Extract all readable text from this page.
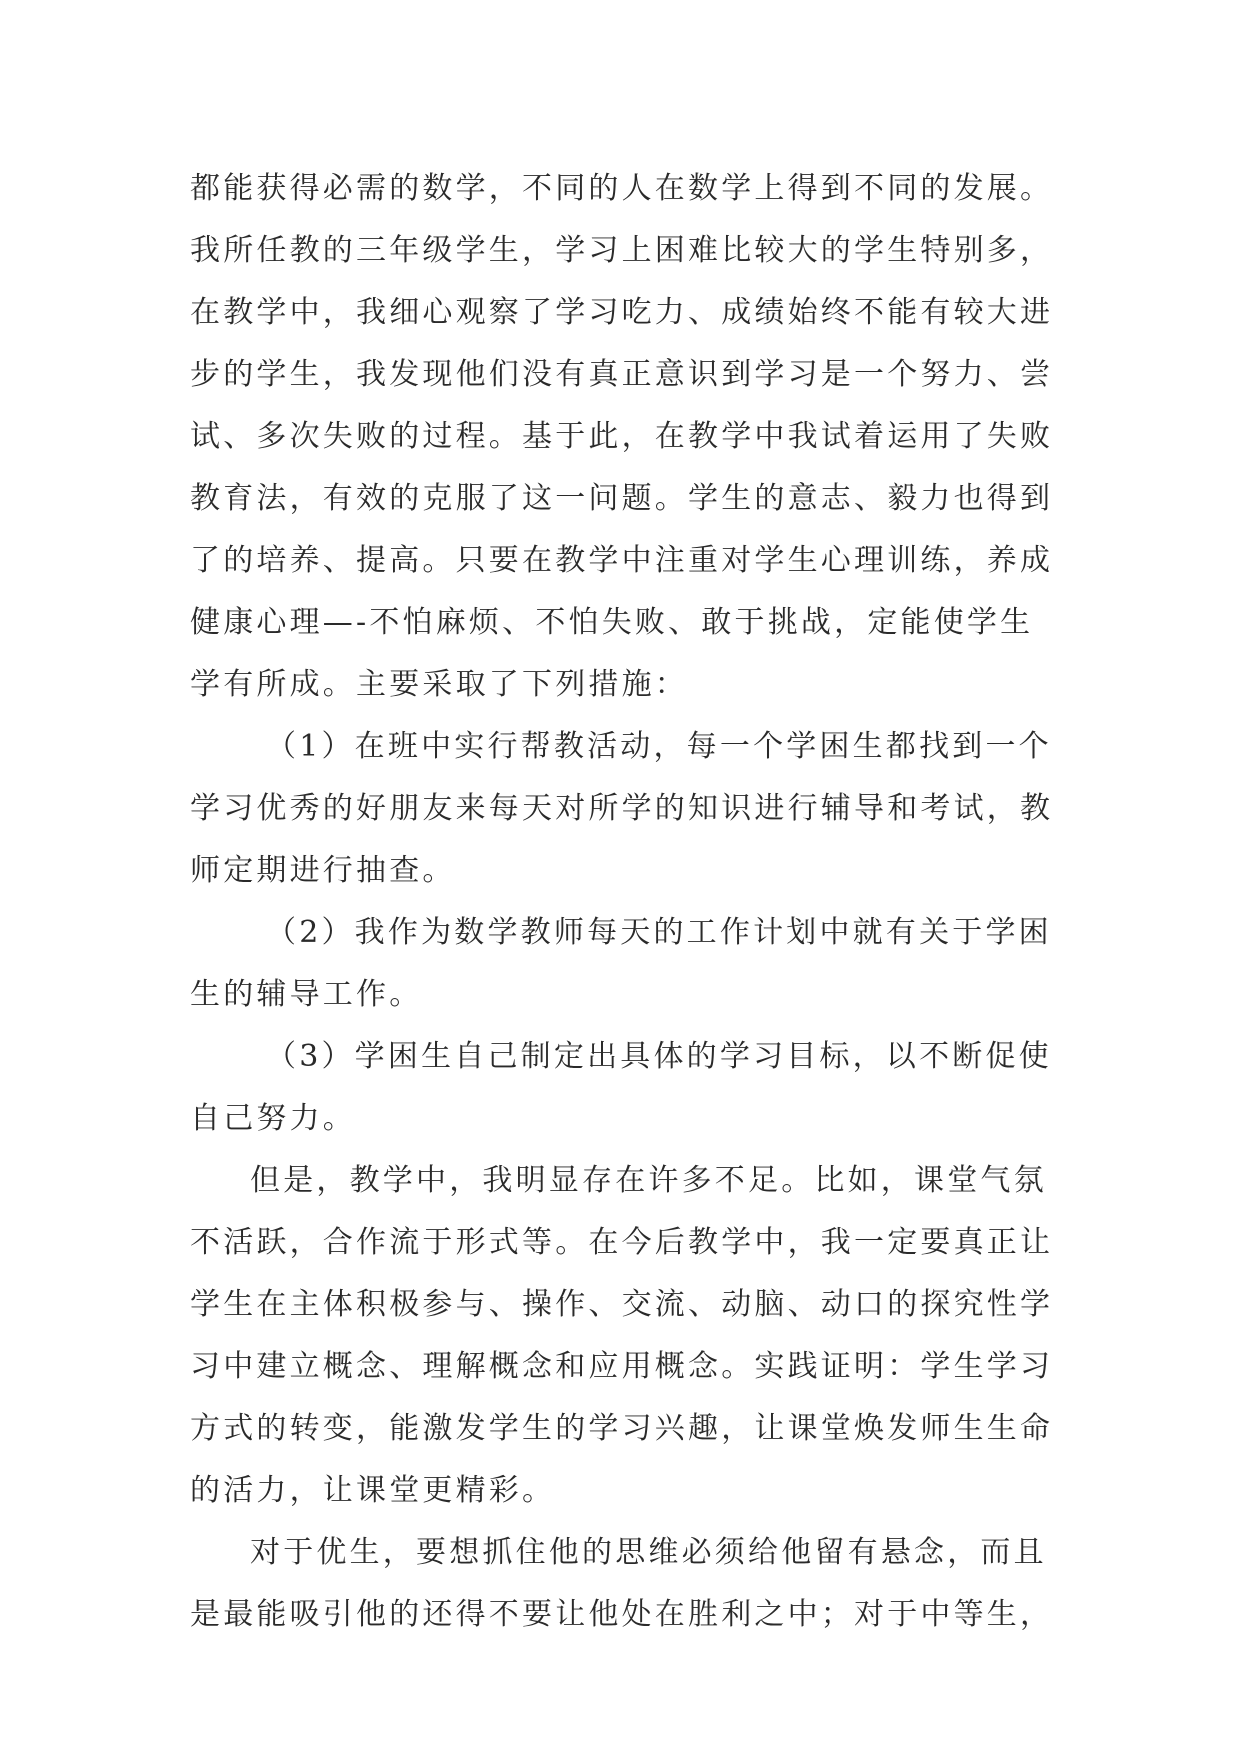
都能获得必需的数学，不同的人在数学上得到不同的发展。
我所任教的三年级学生，学习上困难比较大的学生特别多，
在教学中，我细心观察了学习吃力、成绩始终不能有较大进
步的学生，我发现他们没有真正意识到学习是一个努力、尝
试、多次失败的过程。基于此，在教学中我试着运用了失败
教育法，有效的克服了这一问题。学生的意志、毅力也得到
了的培养、提高。只要在教学中注重对学生心理训练，养成
健康心理—-不怕麻烦、不怕失败、敢于挑战，定能使学生
学有所成。主要采取了下列措施：
（1）在班中实行帮教活动，每一个学困生都找到一个
学习优秀的好朋友来每天对所学的知识进行辅导和考试，教
师定期进行抽查。
（2）我作为数学教师每天的工作计划中就有关于学困
生的辅导工作。
（3）学困生自己制定出具体的学习目标，以不断促使
自己努力。
但是，教学中，我明显存在许多不足。比如，课堂气氛
不活跃，合作流于形式等。在今后教学中，我一定要真正让
学生在主体积极参与、操作、交流、动脑、动口的探究性学
习中建立概念、理解概念和应用概念。实践证明：学生学习
方式的转变，能激发学生的学习兴趣，让课堂焕发师生生命
的活力，让课堂更精彩。
对于优生，要想抓住他的思维必须给他留有悬念，而且
是最能吸引他的还得不要让他处在胜利之中；对于中等生，
